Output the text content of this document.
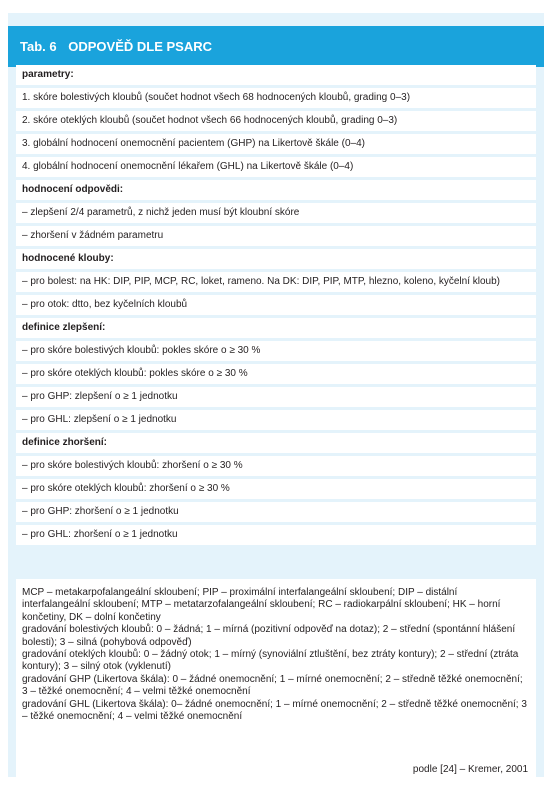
Tab. 6 ODPOVĚĎ DLE PSARC
parametry:
1. skóre bolestivých kloubů (součet hodnot všech 68 hodnocených kloubů, grading 0–3)
2. skóre oteklých kloubů (součet hodnot všech 66 hodnocených kloubů, grading 0–3)
3. globální hodnocení onemocnění pacientem (GHP) na Likertově škále (0–4)
4. globální hodnocení onemocnění lékařem (GHL) na Likertově škále (0–4)
hodnocení odpovědi:
– zlepšení 2/4 parametrů, z nichž jeden musí být kloubní skóre
– zhoršení v žádném parametru
hodnocené klouby:
– pro bolest: na HK: DIP, PIP, MCP, RC, loket, rameno. Na DK: DIP, PIP, MTP, hlezno, koleno, kyčelní kloub)
– pro otok: dtto, bez kyčelních kloubů
definice zlepšení:
– pro skóre bolestivých kloubů: pokles skóre o ≥ 30 %
– pro skóre oteklých kloubů: pokles skóre o ≥ 30 %
– pro GHP: zlepšení o ≥ 1 jednotku
– pro GHL: zlepšení o ≥ 1 jednotku
definice zhoršení:
– pro skóre bolestivých kloubů: zhoršení o ≥ 30 %
– pro skóre oteklých kloubů: zhoršení o ≥ 30 %
– pro GHP: zhoršení o ≥ 1 jednotku
– pro GHL: zhoršení o ≥ 1 jednotku

MCP – metakarpofalangeální skloubení; PIP – proximální interfalangeální skloubení; DIP – distální interfalangeální skloubení; MTP – metatarzofalangeální skloubení; RC – radiokarpální skloubení; HK – horní končetiny, DK – dolní končetiny

gradování bolestivých kloubů: 0 – žádná; 1 – mírná (pozitivní odpověď na dotaz); 2 – střední (spontánní hlášení bolesti); 3 – silná (pohybová odpověď)

gradování oteklých kloubů: 0 – žádný otok; 1 – mírný (synoviální ztluštění, bez ztráty kontury); 2 – střední (ztráta kontury); 3 – silný otok (vyklenutí)

gradování GHP (Likertova škála): 0 – žádné onemocnění; 1 – mírné onemocnění; 2 – středně těžké onemocnění; 3 – těžké onemocnění; 4 – velmi těžké onemocnění

gradování GHL (Likertova škála): 0– žádné onemocnění; 1 – mírné onemocnění; 2 – středně těžké onemocnění; 3 – těžké onemocnění; 4 – velmi těžké onemocnění

podle [24] – Kremer, 2001
